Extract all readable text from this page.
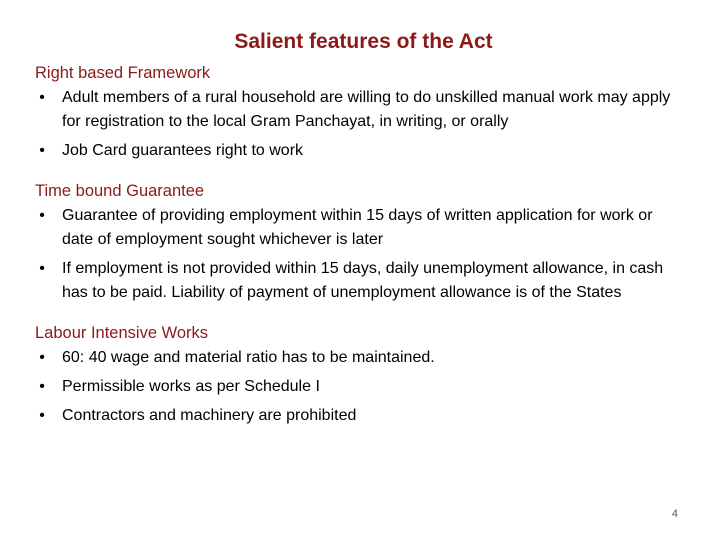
Salient features of the Act
Right based Framework
• Adult members of a rural household are willing to do unskilled manual work may apply for registration to the local Gram Panchayat, in writing, or orally
• Job Card guarantees right to work
Time bound Guarantee
• Guarantee of providing employment within 15 days of written application for work or date of employment sought whichever is later
• If employment is not provided within 15 days, daily unemployment allowance, in cash has to be paid. Liability of payment of unemployment allowance is of the States
Labour Intensive Works
• 60: 40 wage and material ratio has to be maintained.
• Permissible works as per Schedule I
• Contractors and machinery are prohibited
4
